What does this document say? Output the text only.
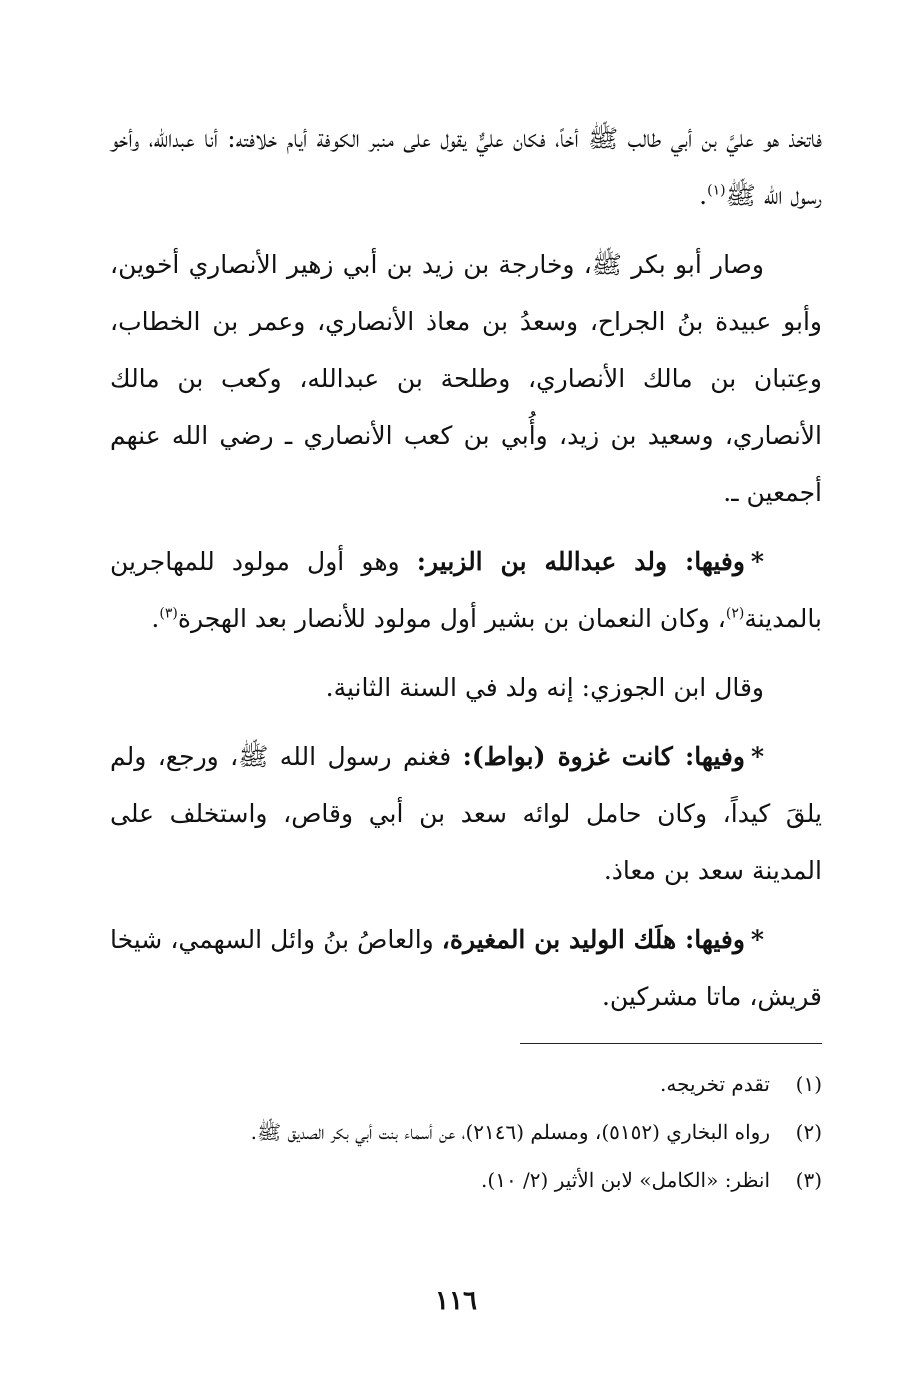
فاتخذ هو عليَّ بن أبي طالب ﷺ أخاً، فكان عليٌّ يقول على منبر الكوفة أيام خلافته: أنا عبدالله، وأخو رسول الله ﷺ$^{(١)}$.

وصار أبو بكر ﷺ، وخارجة بن زيد بن أبي زهير الأنصاري أخوين، وأبو عبيدة بنُ الجراح، وسعدُ بن معاذ الأنصاري، وعمر بن الخطاب، وعِتبان بن مالك الأنصاري، وطلحة بن عبدالله، وكعب بن مالك الأنصاري، وسعيد بن زيد، وأُبي بن كعب الأنصاري ـ رضي الله عنهم أجمعين ـ.

*وفيها: ولد عبدالله بن الزبير: وهو أول مولود للمهاجرين بالمدينة$^{(٢)}$، وكان النعمان بن بشير أول مولود للأنصار بعد الهجرة$^{(٣)}$.

وقال ابن الجوزي: إنه ولد في السنة الثانية.

*وفيها: كانت غزوة (بواط): فغنم رسول الله ﷺ، ورجع، ولم يلقَ كيداً، وكان حامل لوائه سعد بن أبي وقاص، واستخلف على المدينة سعد بن معاذ.

*وفيها: هلَك الوليد بن المغيرة، والعاصُ بنُ وائل السهمي، شيخا قريش، ماتا مشركين.

(١)
تقدم تخريجه.
(٢)
رواه البخاري (٥١٥٢)، ومسلم (٢١٤٦)، عن أسماء بنت أبي بكر الصديق ﷺ.
(٣)
انظر: «الكامل» لابن الأثير (٢/ ١٠).
١١٦
